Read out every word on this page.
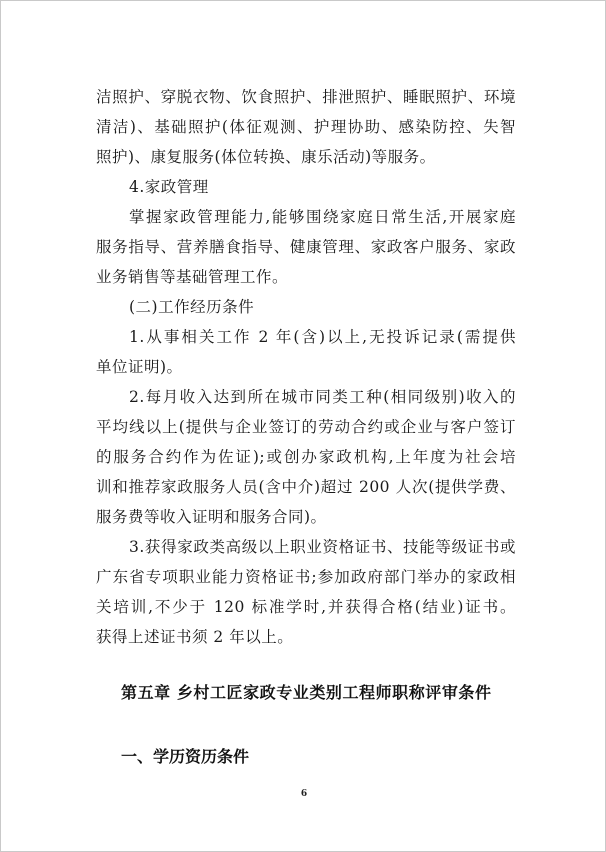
洁照护、穿脱衣物、饮食照护、排泄照护、睡眠照护、环境
清洁)、基础照护(体征观测、护理协助、感染防控、失智
照护)、康复服务(体位转换、康乐活动)等服务。
4.家政管理
掌握家政管理能力,能够围绕家庭日常生活,开展家庭
服务指导、营养膳食指导、健康管理、家政客户服务、家政
业务销售等基础管理工作。
(二)工作经历条件
1.从事相关工作 2 年(含)以上,无投诉记录(需提供
单位证明)。
2.每月收入达到所在城市同类工种(相同级别)收入的
平均线以上(提供与企业签订的劳动合约或企业与客户签订
的服务合约作为佐证);或创办家政机构,上年度为社会培
训和推荐家政服务人员(含中介)超过 200 人次(提供学费、
服务费等收入证明和服务合同)。
3.获得家政类高级以上职业资格证书、技能等级证书或
广东省专项职业能力资格证书;参加政府部门举办的家政相
关培训,不少于 120 标准学时,并获得合格(结业)证书。
获得上述证书须 2 年以上。
第五章 乡村工匠家政专业类别工程师职称评审条件
一、学历资历条件
6
